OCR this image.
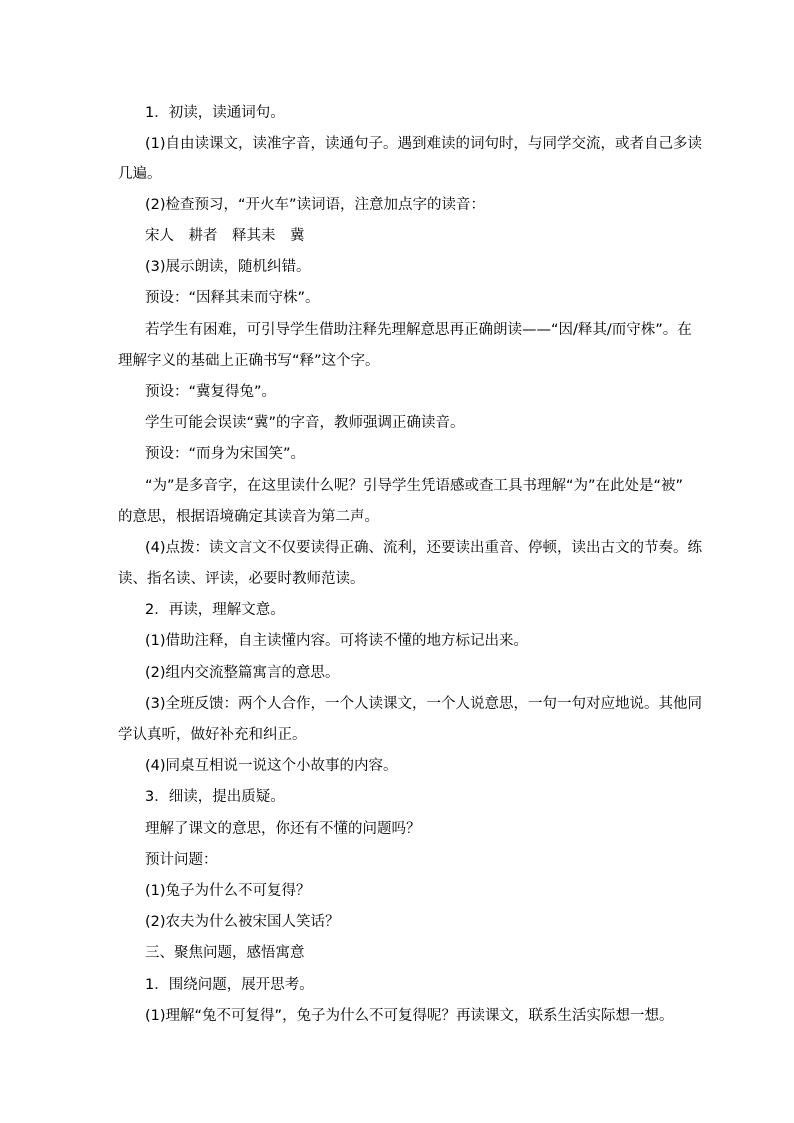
1．初读，读通词句。
(1)自由读课文，读准字音，读通句子。遇到难读的词句时，与同学交流，或者自己多读
几遍。
(2)检查预习，“开火车”读词语，注意加点字的读音：
宋人　耕者　释其耒　冀
(3)展示朗读，随机纠错。
预设：“因释其耒而守株”。
若学生有困难，可引导学生借助注释先理解意思再正确朗读——“因/释其/而守株”。在
理解字义的基础上正确书写“释”这个字。
预设：“冀复得兔”。
学生可能会误读“冀”的字音，教师强调正确读音。
预设：“而身为宋国笑”。
“为”是多音字，在这里读什么呢？引导学生凭语感或查工具书理解“为”在此处是“被”
的意思，根据语境确定其读音为第二声。
(4)点拨：读文言文不仅要读得正确、流利，还要读出重音、停顿，读出古文的节奏。练
读、指名读、评读，必要时教师范读。
2．再读，理解文意。
(1)借助注释，自主读懂内容。可将读不懂的地方标记出来。
(2)组内交流整篇寓言的意思。
(3)全班反馈：两个人合作，一个人读课文，一个人说意思，一句一句对应地说。其他同
学认真听，做好补充和纠正。
(4)同桌互相说一说这个小故事的内容。
3．细读，提出质疑。
理解了课文的意思，你还有不懂的问题吗？
预计问题：
(1)兔子为什么不可复得？
(2)农夫为什么被宋国人笑话？
三、聚焦问题，感悟寓意
1．围绕问题，展开思考。
(1)理解“兔不可复得”，兔子为什么不可复得呢？再读课文，联系生活实际想一想。
